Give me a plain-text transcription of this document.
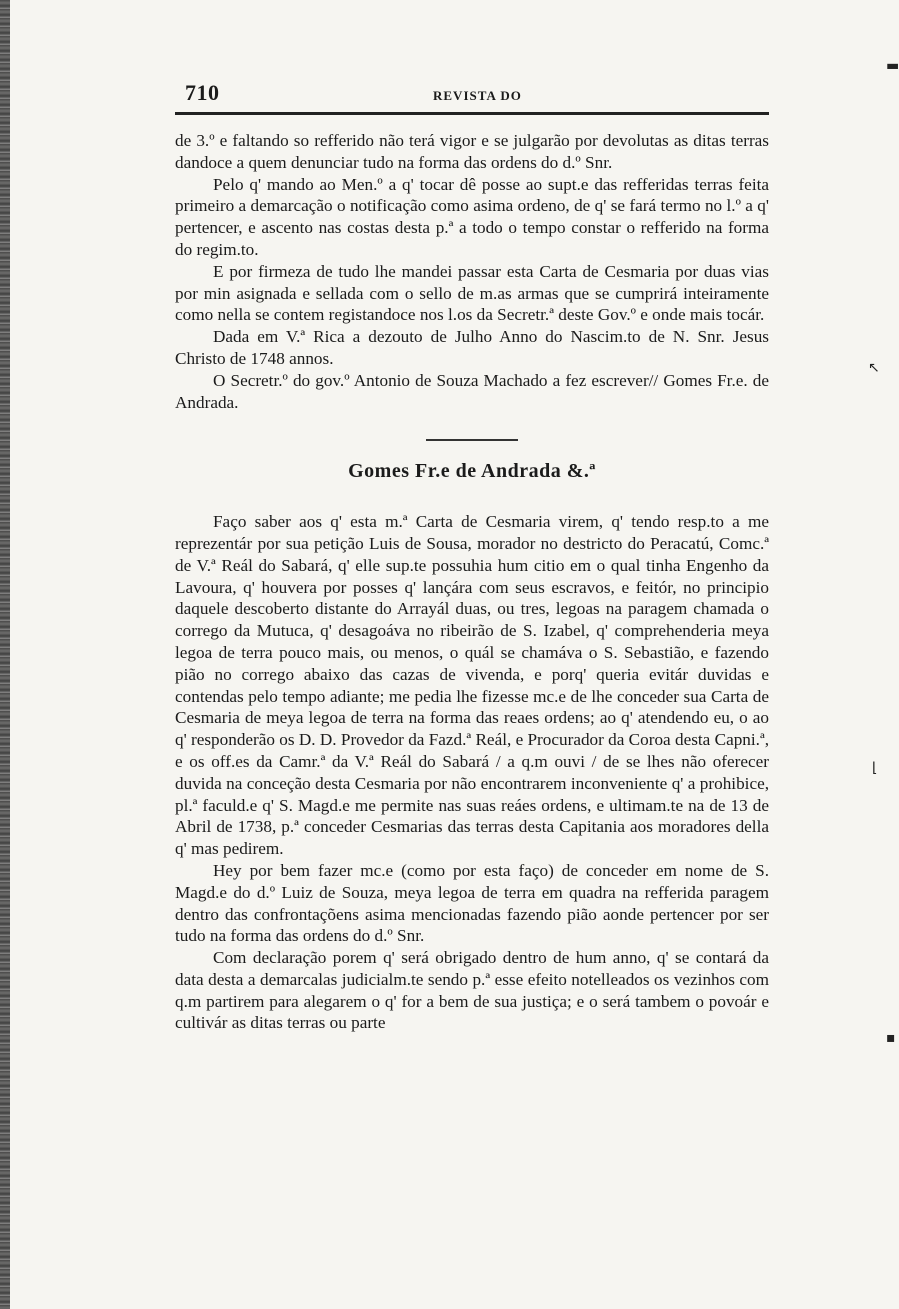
710	REVISTA DO

de 3.º e faltando so refferido não terá vigor e se julgarão por devolutas as ditas terras dandoce a quem denunciar tudo na forma das ordens do d.º Snr.

Pelo q' mando ao Men.º a q' tocar dê posse ao supt.e das refferidas terras feita primeiro a demarcação o notificação como asima ordeno, de q' se fará termo no l.º a q' pertencer, e ascento nas costas desta p.ª a todo o tempo constar o refferido na forma do regim.to.

E por firmeza de tudo lhe mandei passar esta Carta de Cesmaria por duas vias por min asignada e sellada com o sello de m.as armas que se cumprirá inteiramente como nella se contem registandoce nos l.os da Secretr.ª deste Gov.º e onde mais tocár.

Dada em V.ª Rica a dezouto de Julho Anno do Nascim.to de N. Snr. Jesus Christo de 1748 annos.

O Secretr.º do gov.º Antonio de Souza Machado a fez escrever// Gomes Fr.e. de Andrada.

Gomes Fr.e de Andrada &.ª

Faço saber aos q' esta m.ª Carta de Cesmaria virem, q' tendo resp.to a me reprezentár por sua petição Luis de Sousa, morador no destricto do Peracatú, Comc.ª de V.ª Reál do Sabará, q' elle sup.te possuhia hum citio em o qual tinha Engenho da Lavoura, q' houvera por posses q' lançára com seus escravos, e feitór, no principio daquele descoberto distante do Arrayál duas, ou tres, legoas na paragem chamada o corrego da Mutuca, q' desagoáva no ribeirão de S. Izabel, q' comprehenderia meya legoa de terra pouco mais, ou menos, o quál se chamáva o S. Sebastião, e fazendo pião no corrego abaixo das cazas de vivenda, e porq' queria evitár duvidas e contendas pelo tempo adiante; me pedia lhe fizesse mc.e de lhe conceder sua Carta de Cesmaria de meya legoa de terra na forma das reaes ordens; ao q' atendendo eu, o ao q' responderão os D. D. Provedor da Fazd.ª Reál, e Procurador da Coroa desta Capni.ª, e os off.es da Camr.ª da V.ª Reál do Sabará / a q.m ouvi / de se lhes não oferecer duvida na conceção desta Cesmaria por não encontrarem inconveniente q' a prohibice, pl.ª faculd.e q' S. Magd.e me permite nas suas reáes ordens, e ultimam.te na de 13 de Abril de 1738, p.ª conceder Cesmarias das terras desta Capitania aos moradores della q' mas pedirem.

Hey por bem fazer mc.e (como por esta faço) de conceder em nome de S. Magd.e do d.º Luiz de Souza, meya legoa de terra em quadra na refferida paragem dentro das confrontaçõens asima mencionadas fazendo pião aonde pertencer por ser tudo na forma das ordens do d.º Snr.

Com declaração porem q' será obrigado dentro de hum anno, q' se contará da data desta a demarcalas judicialm.te sendo p.ª esse efeito notelleados os vezinhos com q.m partirem para alegarem o q' for a bem de sua justiça; e o será tambem o povoár e cultivár as ditas terras ou parte

▬
↖
⌊
▪
